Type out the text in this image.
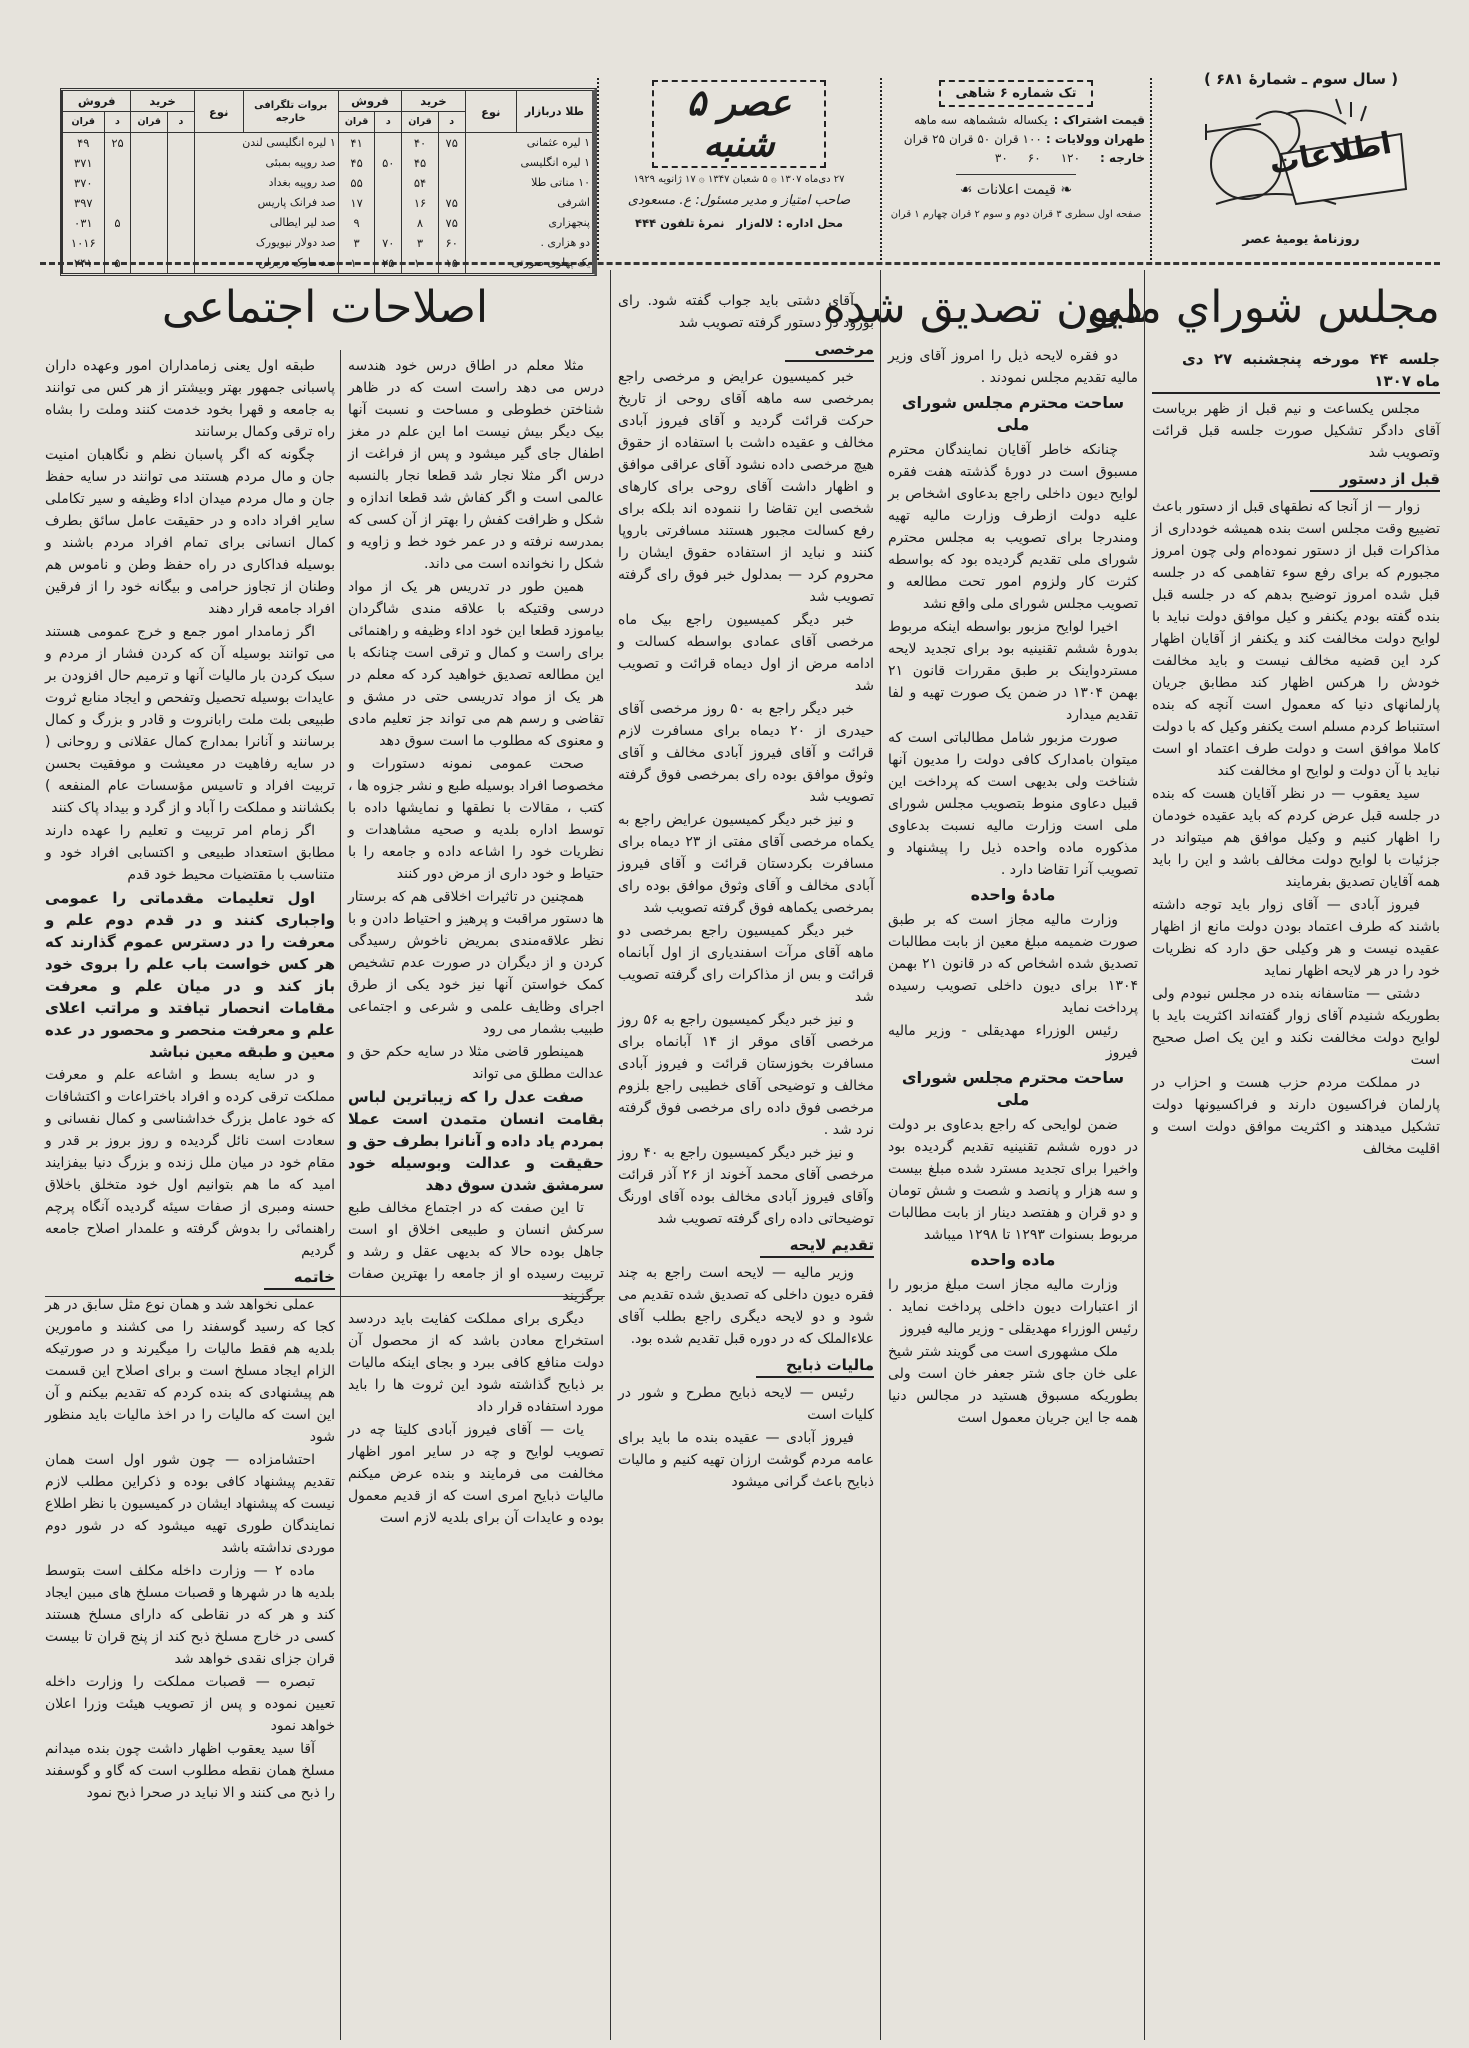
( سال سوم ـ شمارهٔ ۶۸۱ )
اطلاعات
روزنامهٔ یومیهٔ عصر
تک شماره ۶ شاهی
قیمت اشتراک :
یکساله
ششماهه
سه ماهه
طهران وولایات :
۱۰۰ قران
۵۰ قران
۲۵ قران
خارجه :
۱۲۰
۶۰
۳۰
❧ قیمت اعلانات ☙
صفحه اول سطری ۳ قران دوم و سوم ۲ قران چهارم ۱ قران
عصر ۵ شنبه
۲۷ دی‌ماه ۱۳۰۷ ۞ ۵ شعبان ۱۳۴۷ ۞ ۱۷ ژانویه ۱۹۲۹
صاحب امتیاز و مدیر مسئول: ع. مسعودی
محل اداره : لاله‌زار   نمرهٔ تلفون ۴۴۴
طلا دربازار	نوع	خرید		فروش		بروات تلگرافی خارجه	نوع	خرید		فروش	
		د	قران	د	قران			د	قران	د	قران
۱ لیره عثمانی		۷۵	۴۰		۴۱	۱ لیره انگلیسی لندن				۲۵	۴۹
۱ لیره انگلیسی			۴۵	۵۰	۴۵	صد روپیه بمبئی					۳۷۱
۱۰ مناتی طلا			۵۴		۵۵	صد روپیه بغداد					۳۷۰
اشرفی		۷۵	۱۶		۱۷	صد فرانک پاریس					۳۹۷
پنجهزاری		۷۵	۸		۹	صد لیر ایطالی				۵	۰۳۱
دو هزاری .		۶۰	۳	۷۰	۳	صد دولار نیویورک					۱۰۱۶
یک پهلوی صورتی		۱۵	۱۰	۲۵	۱۰	صد مارک دربرلن				۵	۲۴۱
مجلس شوراي ملی
دیون تصدیق شده
اصلاحات اجتماعی
جلسه ۴۴ مورخه پنجشنبه ۲۷ دی ماه ۱۳۰۷

مجلس یکساعت و نیم قبل از ظهر بریاست آقای دادگر تشکیل صورت جلسه قبل قرائت وتصویب شد

قبل از دستور

زوار — از آنجا که نطقهای قبل از دستور باعث تضییع وقت مجلس است بنده همیشه خودداری از مذاکرات قبل از دستور نموده‌ام ولی چون امروز مجبورم که برای رفع سوء تفاهمی که در جلسه قبل شده امروز توضیح بدهم که در جلسه قبل بنده گفته بودم یکنفر و کیل موافق دولت نباید با لوایح دولت مخالفت کند و یکنفر از آقایان اظهار کرد این قضیه مخالف نیست و باید مخالفت خودش را هرکس اظهار کند مطابق جریان پارلمانهای دنیا که معمول است آنچه که بنده استنباط کردم مسلم است یکنفر وکیل که با دولت کاملا موافق است و دولت طرف اعتماد او است نباید با آن دولت و لوایح او مخالفت کند

سید یعقوب — در نظر آقایان هست که بنده در جلسه قبل عرض کردم که باید عقیده خودمان را اظهار کنیم و وکیل موافق هم میتواند در جزئیات با لوایح دولت مخالف باشد و این را باید همه آقایان تصدیق بفرمایند

فیروز آبادی — آقای زوار باید توجه داشته باشند که طرف اعتماد بودن دولت مانع از اظهار عقیده نیست و هر وکیلی حق دارد که نظریات خود را در هر لایحه اظهار نماید

دشتی — متاسفانه بنده در مجلس نبودم ولی بطوریکه شنیدم آقای زوار گفته‌اند اکثریت باید با لوایح دولت مخالفت نکند و این یک اصل صحیح است

در مملکت مردم حزب هست و احزاب در پارلمان فراکسیون دارند و فراکسیونها دولت تشکیل میدهند و اکثریت موافق دولت است و اقلیت مخالف

دو فقره لایحه ذیل را امروز آقای وزیر مالیه تقدیم مجلس نمودند .

ساحت محترم مجلس شورای ملی

چنانکه خاطر آقایان نمایندگان محترم مسبوق است در دورهٔ گذشته هفت فقره لوایح دیون داخلی راجع بدعاوی اشخاص بر علیه دولت ازطرف وزارت مالیه تهیه ومندرجا برای تصویب به مجلس محترم شورای ملی تقدیم گردیده بود که بواسطه کثرت کار ولزوم امور تحت مطالعه و تصویب مجلس شورای ملی واقع نشد

اخیرا لوایح مزبور بواسطه اینکه مربوط بدورهٔ ششم تقنینیه بود برای تجدید لایحه مستردواینک بر طبق مقررات قانون ۲۱ بهمن ۱۳۰۴ در ضمن یک صورت تهیه و لفا تقدیم میدارد

صورت مزبور شامل مطالباتی است که میتوان بامدارک کافی دولت را مدیون آنها شناخت ولی بدیهی است که پرداخت این قبیل دعاوی منوط بتصویب مجلس شورای ملی است وزارت مالیه نسبت بدعاوی مذکوره ماده واحده ذیل را پیشنهاد و تصویب آنرا تقاضا دارد .

مادهٔ واحده

وزارت مالیه مجاز است که بر طبق صورت ضمیمه مبلغ معین از بابت مطالبات تصدیق شده اشخاص که در قانون ۲۱ بهمن ۱۳۰۴ برای دیون داخلی تصویب رسیده پرداخت نماید

رئیس الوزراء مهدیقلی - وزیر مالیه فیروز

ساحت محترم مجلس شورای ملی

ضمن لوایحی که راجع بدعاوی بر دولت در دوره ششم تقنینیه تقدیم گردیده بود واخیرا برای تجدید مسترد شده مبلغ بیست و سه هزار و پانصد و شصت و شش تومان و دو قران و هفتصد دینار از بابت مطالبات مربوط بسنوات ۱۲۹۳ تا ۱۲۹۸ میباشد

ماده واحده

وزارت مالیه مجاز است مبلغ مزبور را از اعتبارات دیون داخلی پرداخت نماید . رئیس الوزراء مهدیقلی - وزیر مالیه فیروز

ملک مشهوری است می گویند شتر شیخ علی خان جای شتر جعفر خان است ولی بطوریکه مسبوق هستید در مجالس دنیا همه جا این جریان معمول است

آقای دشتی باید جواب گفته شود. رای بورود در دستور گرفته تصویب شد

مرخصی

خبر کمیسیون عرایض و مرخصی راجع بمرخصی سه ماهه آقای روحی از تاریخ حرکت قرائت گردید و آقای فیروز آبادی مخالف و عقیده داشت با استفاده از حقوق هیچ مرخصی داده نشود آقای عراقی موافق و اظهار داشت آقای روحی برای کارهای شخصی این تقاضا را ننموده اند بلکه برای رفع کسالت مجبور هستند مسافرتی باروپا کنند و نباید از استفاده حقوق ایشان را محروم کرد — بمدلول خبر فوق رای گرفته تصویب شد

خبر دیگر کمیسیون راجع بیک ماه مرخصی آقای عمادی بواسطه کسالت و ادامه مرض از اول دیماه قرائت و تصویب شد

خبر دیگر راجع به ۵۰ روز مرخصی آقای حیدری از ۲۰ دیماه برای مسافرت لازم قرائت و آقای فیروز آبادی مخالف و آقای وثوق موافق بوده رای بمرخصی فوق گرفته تصویب شد

و نیز خبر دیگر کمیسیون عرایض راجع به یکماه مرخصی آقای مفتی از ۲۳ دیماه برای مسافرت بکردستان قرائت و آقای فیروز آبادی مخالف و آقای وثوق موافق بوده رای بمرخصی یکماهه فوق گرفته تصویب شد

خبر دیگر کمیسیون راجع بمرخصی دو ماهه آقای مرآت اسفندیاری از اول آبانماه قرائت و بس از مذاکرات رای گرفته تصویب شد

و نیز خبر دیگر کمیسیون راجع به ۵۶ روز مرخصی آقای موقر از ۱۴ آبانماه برای مسافرت بخوزستان قرائت و فیروز آبادی مخالف و توضیحی آقای خطیبی راجع بلزوم مرخصی فوق داده رای مرخصی فوق گرفته نرد شد .

و نیز خبر دیگر کمیسیون راجع به ۴۰ روز مرخصی آقای محمد آخوند از ۲۶ آذر قرائت وآقای فیروز آبادی مخالف بوده آقای اورنگ توضیحاتی داده رای گرفته تصویب شد

تقدیم لایحه

وزیر مالیه — لایحه است راجع به چند فقره دیون داخلی که تصدیق شده تقدیم می شود و دو لایحه دیگری راجع بطلب آقای علاءالملک که در دوره قبل تقدیم شده بود.

مالیات ذبایح

رئیس — لایحه ذبایح مطرح و شور در کلیات است

فیروز آبادی — عقیده بنده ما باید برای عامه مردم گوشت ارزان تهیه کنیم و مالیات ذبایح باعث گرانی میشود

مثلا معلم در اطاق درس خود هندسه درس می دهد راست است که در ظاهر شناختن خطوطی و مساحت و نسبت آنها بیک دیگر بیش نیست اما این علم در مغز اطفال جای گیر میشود و پس از فراغت از درس اگر مثلا نجار شد قطعا نجار بالنسبه عالمی است و اگر کفاش شد قطعا اندازه و شکل و ظرافت کفش را بهتر از آن کسی که بمدرسه نرفته و در عمر خود خط و زاویه و شکل را نخوانده است می داند.

همین طور در تدریس هر یک از مواد درسی وقتیکه با علاقه مندی شاگردان بیاموزد قطعا این خود اداء وظیفه و راهنمائی برای راست و کمال و ترقی است چنانکه با این مطالعه تصدیق خواهید کرد که معلم در هر یک از مواد تدریسی حتی در مشق و تقاضی و رسم هم می تواند جز تعلیم مادی و معنوی که مطلوب ما است سوق دهد

صحت عمومی نمونه دستورات و مخصوصا افراد بوسیله طبع و نشر جزوه ها ، کتب ، مقالات با نطقها و نمایشها داده با توسط اداره بلدیه و صحیه مشاهدات و نظریات خود را اشاعه داده و جامعه را با حتیاط و خود داری از مرض دور کنند

همچنین در تاثیرات اخلاقی هم که برستار ها دستور مراقبت و پرهیز و احتیاط دادن و با نظر علاقه‌مندی بمریض ناخوش رسیدگی کردن و از دیگران در صورت عدم تشخیص کمک خواستن آنها نیز خود یکی از طرق اجرای وظایف علمی و شرعی و اجتماعی طبیب بشمار می رود

همینطور قاضی مثلا در سایه حکم حق و عدالت مطلق می تواند

صفت عدل را که زیباترین لباس بقامت انسان متمدن است عملا بمردم یاد داده و آنانرا بطرف حق و حقیقت و عدالت وبوسیله خود سرمشق شدن سوق دهد

تا این صفت که در اجتماع مخالف طبع سرکش انسان و طبیعی اخلاق او است جاهل بوده حالا که بدیهی عقل و رشد و تربیت رسیده او از جامعه را بهترین صفات برگزیند

دیگری برای مملکت کفایت باید دردسد استخراج معادن باشد که از محصول آن دولت منافع کافی ببرد و بجای اینکه مالیات بر ذبایح گذاشته شود این ثروت ها را باید مورد استفاده قرار داد

یات — آقای فیروز آبادی کلیتا چه در تصویب لوایح و چه در سایر امور اظهار مخالفت می فرمایند و بنده عرض میکنم مالیات ذبایح امری است که از قدیم معمول بوده و عایدات آن برای بلدیه لازم است

طبقه اول یعنی زمامداران امور وعهده داران پاسبانی جمهور بهتر وبیشتر از هر کس می توانند به جامعه و قهرا بخود خدمت کنند وملت را بشاه راه ترقی وکمال برسانند

چگونه که اگر پاسبان نظم و نگاهبان امنیت جان و مال مردم هستند می توانند در سایه حفظ جان و مال مردم میدان اداء وظیفه و سیر تکاملی سایر افراد داده و در حقیقت عامل سائق بطرف کمال انسانی برای تمام افراد مردم باشند و بوسیله فداکاری در راه حفظ وطن و ناموس هم وطنان از تجاوز حرامی و بیگانه خود را از فرقین افراد جامعه قرار دهند

اگر زمامدار امور جمع و خرج عمومی هستند می توانند بوسیله آن که کردن فشار از مردم و سبک کردن بار مالیات آنها و ترمیم حال افزودن بر عایدات بوسیله تحصیل وتفحص و ایجاد منابع ثروت طبیعی بلت ملت رابانروت و قادر و بزرگ و کمال برسانند و آنانرا بمدارج کمال عقلانی و روحانی ( در سایه رفاهیت در معیشت و موفقیت بحسن تربیت افراد و تاسیس مؤسسات عام المنفعه ) بکشانند و مملکت را آباد و از گرد و بیداد پاک کنند

اگر زمام امر تربیت و تعلیم را عهده دارند مطابق استعداد طبیعی و اکتسابی افراد خود و متناسب با مقتضیات محیط خود قدم

اول تعلیمات مقدماتی را عمومی واجباری کنند و در قدم دوم علم و معرفت را در دسترس عموم گذارند که هر کس خواست باب علم را بروی خود باز کند و در میان علم و معرفت مقامات انحصار تیافتد و مراتب اعلای علم و معرفت منحصر و محصور در عده معین و طبقه معین نباشد

و در سایه بسط و اشاعه علم و معرفت مملکت ترقی کرده و افراد باختراعات و اکتشافات که خود عامل بزرگ خداشناسی و کمال نفسانی و سعادت است نائل گردیده و روز بروز بر قدر و مقام خود در میان ملل زنده و بزرگ دنیا بیفزایند امید که ما هم بتوانیم اول خود متخلق باخلاق حسنه ومبری از صفات سیئه گردیده آنگاه پرچم راهنمائی را بدوش گرفته و علمدار اصلاح جامعه گردیم

خاتمه

عملی نخواهد شد و همان نوع مثل سابق در هر کجا که رسید گوسفند را می کشند و مامورین بلدیه هم فقط مالیات را میگیرند و در صورتیکه الزام ایجاد مسلخ است و برای اصلاح این قسمت هم پیشنهادی که بنده کردم که تقدیم بیکنم و آن این است که مالیات را در اخذ مالیات باید منظور شود

احتشامزاده — چون شور اول است همان تقدیم پیشنهاد کافی بوده و ذکراین مطلب لازم نیست که پیشنهاد ایشان در کمیسیون با نظر اطلاع نمایندگان طوری تهیه میشود که در شور دوم موردی نداشته باشد

ماده ۲ — وزارت داخله مکلف است بتوسط بلدیه ها در شهرها و قصبات مسلخ های مبین ایجاد کند و هر که در نقاطی که دارای مسلخ هستند کسی در خارج مسلخ ذبح کند از پنج قران تا بیست قران جزای نقدی خواهد شد

تبصره — قصبات مملکت را وزارت داخله تعیین نموده و پس از تصویب هیئت وزرا اعلان خواهد نمود

آقا سید یعقوب اظهار داشت چون بنده میدانم مسلخ همان نقطه مطلوب است که گاو و گوسفند را ذبح می کنند و الا نباید در صحرا ذبح نمود
